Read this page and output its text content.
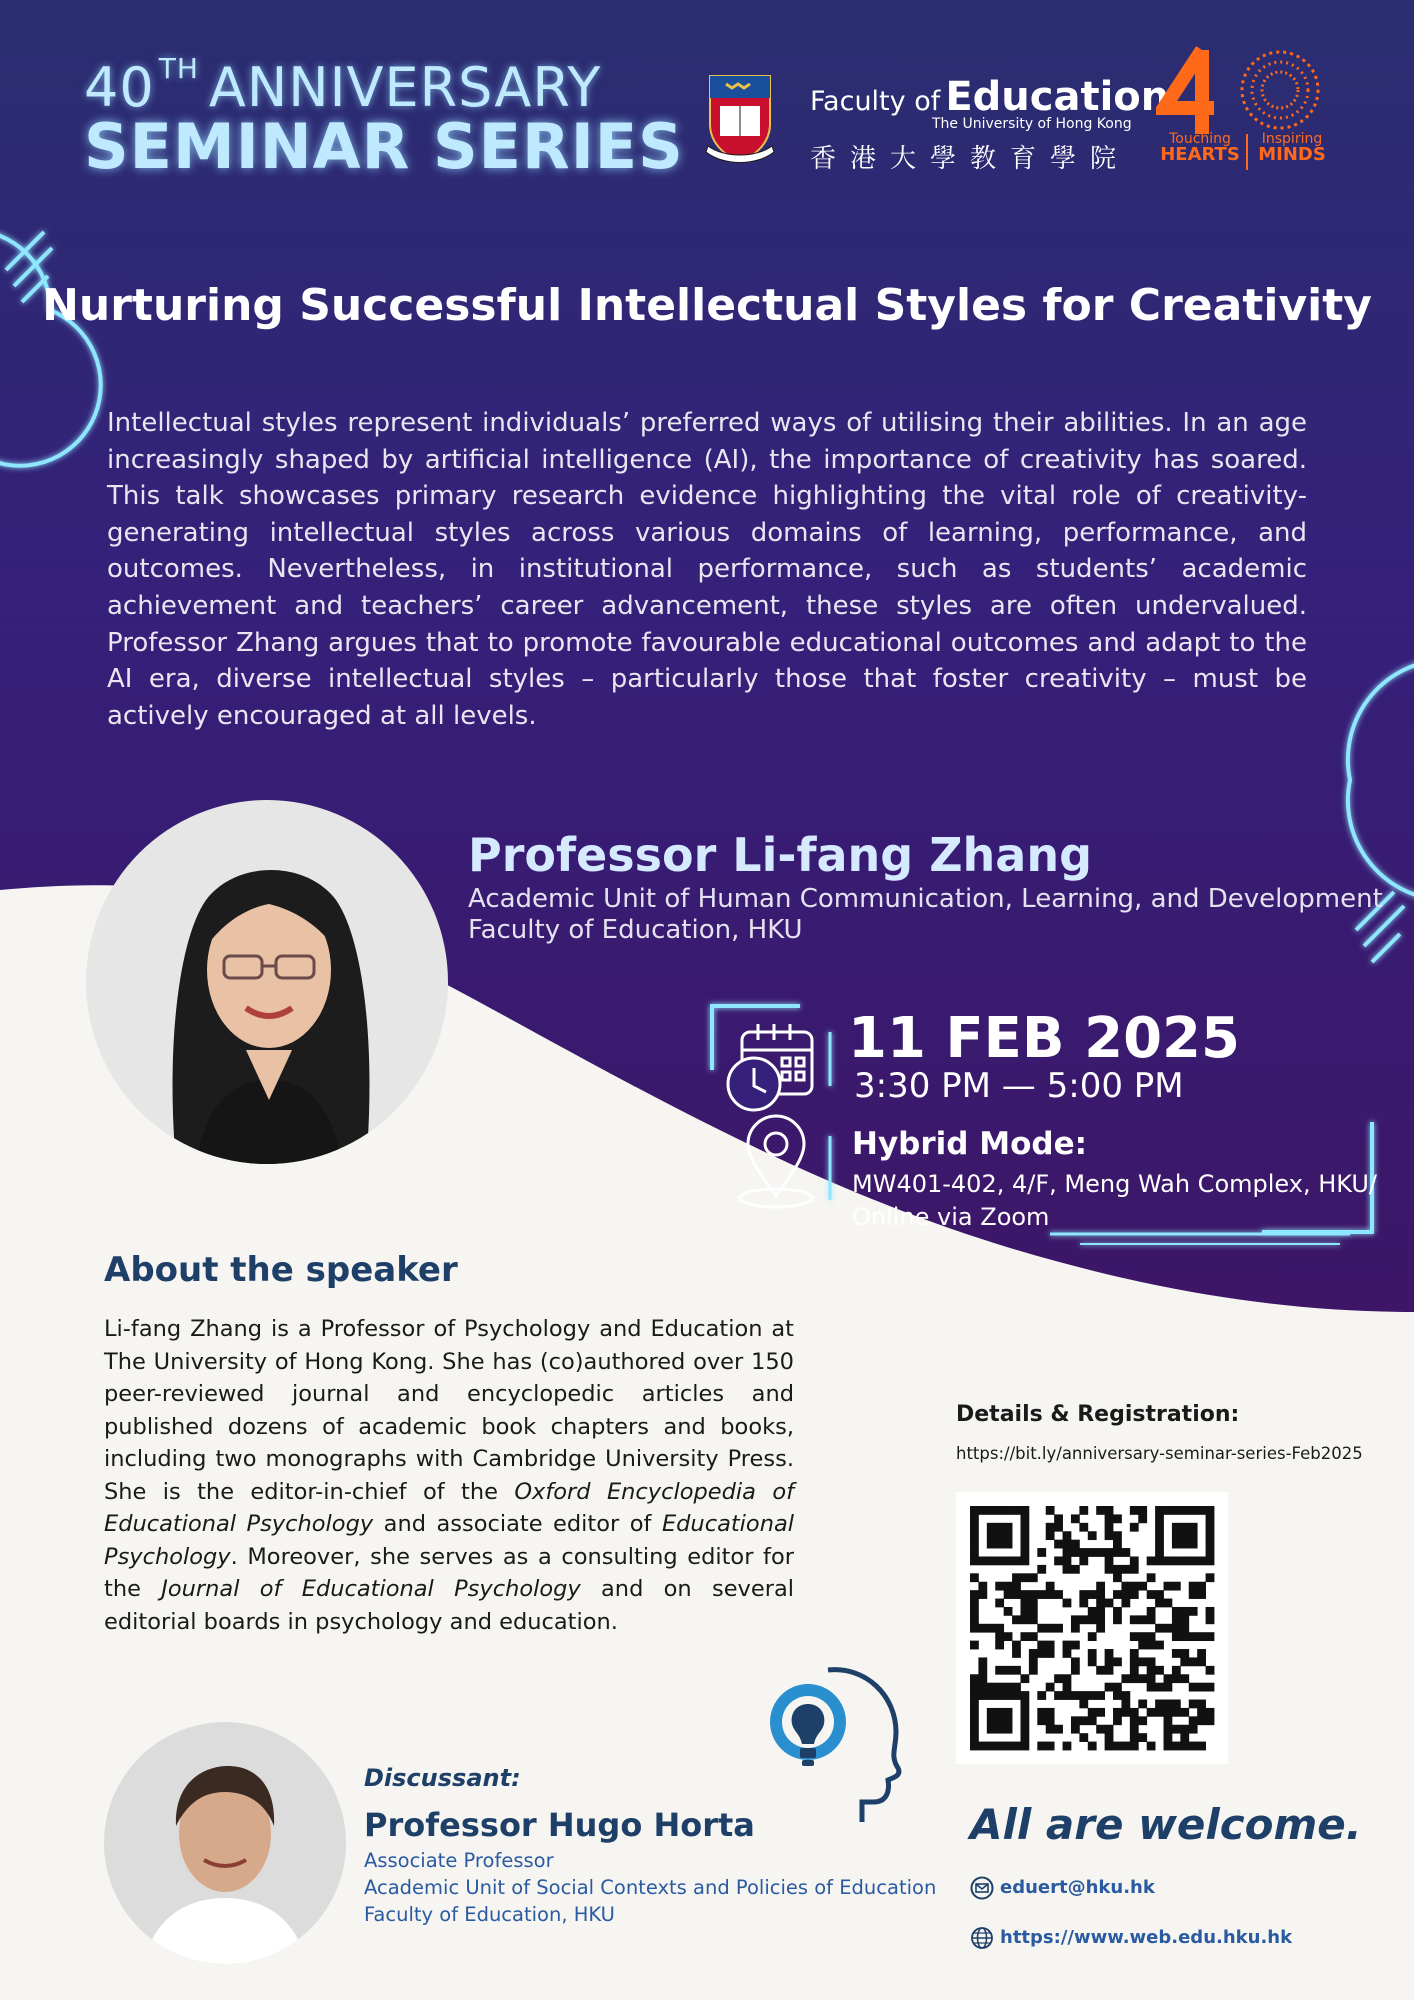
40 $^{TH}$ ANNIVERSARY
SEMINAR SERIES
Faculty of Education
The University of Hong Kong
香港大學教育學院
Touching
HEARTS
Inspiring
MINDS
Nurturing Successful Intellectual Styles for Creativity
Intellectual styles represent individuals’ preferred ways of utilising their abilities. In an age increasingly shaped by artificial intelligence (AI), the importance of creativity has soared. This talk showcases primary research evidence highlighting the vital role of creativity-generating intellectual styles across various domains of learning, performance, and outcomes. Nevertheless, in institutional performance, such as students’ academic achievement and teachers’ career advancement, these styles are often undervalued. Professor Zhang argues that to promote favourable educational outcomes and adapt to the AI era, diverse intellectual styles – particularly those that foster creativity – must be actively encouraged at all levels.
Professor Li-fang Zhang
Academic Unit of Human Communication, Learning, and Development
Faculty of Education, HKU
11 FEB 2025
3:30 PM — 5:00 PM
Hybrid Mode:
MW401-402, 4/F, Meng Wah Complex, HKU/
Online via Zoom
About the speaker
Li-fang Zhang is a Professor of Psychology and Education at The University of Hong Kong. She has (co)authored over 150 peer-reviewed journal and encyclopedic articles and published dozens of academic book chapters and books, including two monographs with Cambridge University Press. She is the editor-in-chief of the Oxford Encyclopedia of Educational Psychology and associate editor of Educational Psychology. Moreover, she serves as a consulting editor for the Journal of Educational Psychology and on several editorial boards in psychology and education.
Discussant:
Professor Hugo Horta
Associate Professor
Academic Unit of Social Contexts and Policies of Education
Faculty of Education, HKU
Details & Registration:
https://bit.ly/anniversary-seminar-series-Feb2025
All are welcome.
eduert@hku.hk
https://www.web.edu.hku.hk
